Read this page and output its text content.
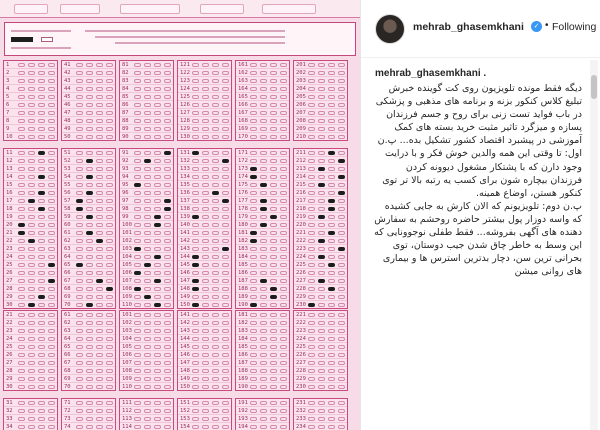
1
2
3
4
5
6
7
8
9
10
11
12
13
14
15
16
17
18
19
20
21
22
23
24
25
26
27
28
29
30
21
22
23
24
25
26
27
28
29
30
31
32
33
34
41
42
43
44
45
46
47
48
49
50
51
52
53
54
55
56
57
58
59
60
61
62
63
64
65
66
67
68
69
70
61
62
63
64
65
66
67
68
69
70
71
72
73
74
81
82
83
84
85
86
87
88
89
90
91
92
93
94
95
96
97
98
99
100
101
102
103
104
105
106
107
108
109
110
101
102
103
104
105
106
107
108
109
110
111
112
113
114
121
122
123
124
125
126
127
128
129
130
131
132
133
134
135
136
137
138
139
140
141
142
143
144
145
146
147
148
149
150
141
142
143
144
145
146
147
148
149
150
151
152
153
154
161
162
163
164
165
166
167
168
169
170
171
172
173
174
175
176
177
178
179
180
181
182
183
184
185
186
187
188
189
190
181
182
183
184
185
186
187
188
189
190
191
192
193
194
201
202
203
204
205
206
207
208
209
210
211
212
213
214
215
216
217
218
219
220
221
222
223
224
225
226
227
228
229
230
221
222
223
224
225
226
227
228
229
230
231
232
233
234
mehrab_ghasemkhani	✓ • Following
mehrab_ghasemkhani .

دیگه فقط مونده تلویزیون روی کت گوینده خبرش تبلیغ کلاس کنکور بزنه و برنامه های مذهبی و پزشکی در باب فواید تست زنی برای روح و جسم فرزندان پسازه و میزگرد تاثیر مثبت خرید بسته های کمک آموزشی در پیشبرد اقتصاد کشور تشکیل بده... پ.ن اول: تا وقتی این همه والدین خوش فکر و با درایت وجود دارن که با پشتکار مشغول دیوونه کردن فرزندان بیچاره شون برای کسب یه رتبه بالا تر توی کنکور هستن، اوضاع همینه.

پ.ن دوم: تلویزیونم که الان کارش به جایی کشیده که واسه دوزار پول بیشتر حاضره روحشم به سفارش دهنده های آگهی بفروشه... فقط طفلی نوجوونایی که این وسط به خاطر چاق شدن جیب دوستان، توی بحرانی ترین سن، دچار بدترین استرس ها و بیماری های روانی میشن
